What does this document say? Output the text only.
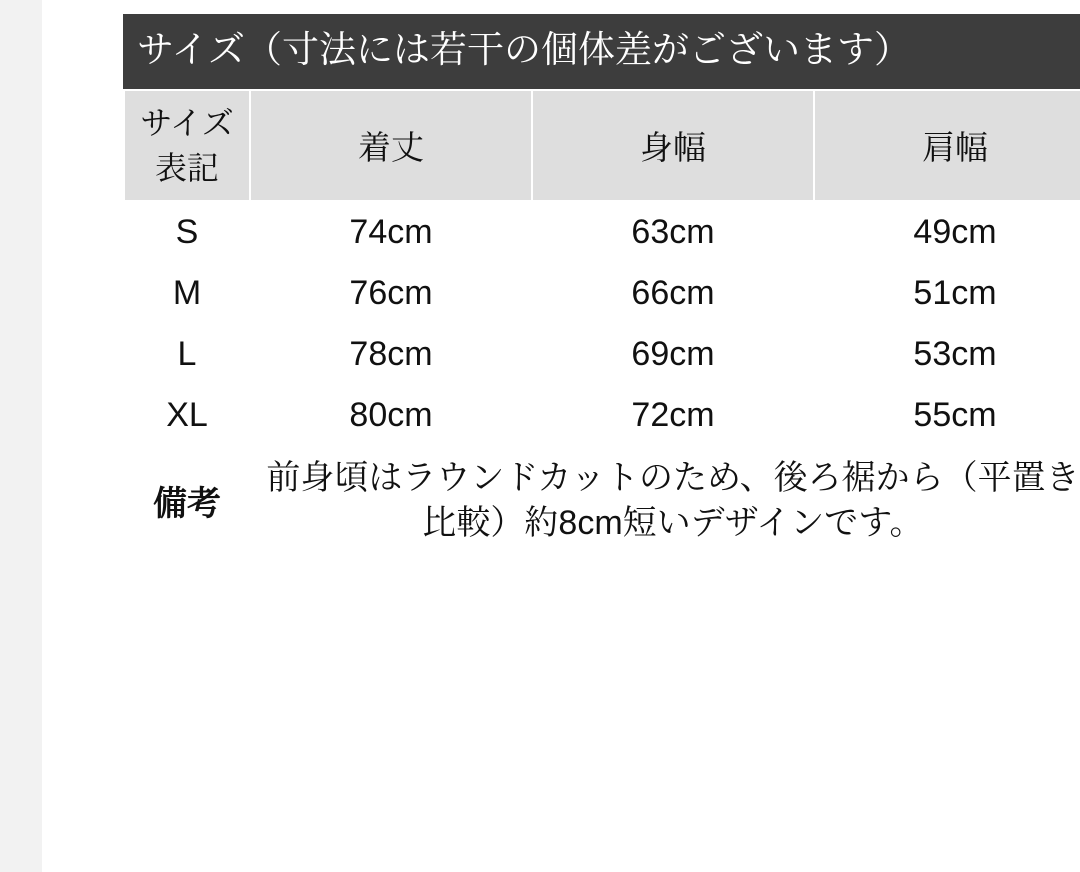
サイズ（寸法には若干の個体差がございます）
サイズ表記	着丈	身幅	肩幅
S	74cm	63cm	49cm
M	76cm	66cm	51cm
L	78cm	69cm	53cm
XL	80cm	72cm	55cm
備考	前身頃はラウンドカットのため、後ろ裾から（平置き比較）約8cm短いデザインです。		
